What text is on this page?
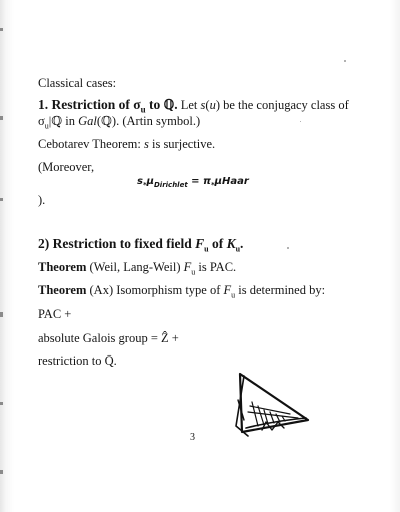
Classical cases:
1. Restriction of $\sigma_u$ to ℚ. Let s(u) be the conjugacy class of
$\sigma_u|ℚ$ in Gal(ℚ). (Artin symbol.)
Cebotarev Theorem: s is surjective.
(Moreover,
$s_*\mu_{Dirichlet}$ = $\pi_*\mu Haar$
).
2) Restriction to fixed field $F_u$ of $K_u$.
Theorem (Weil, Lang-Weil) $F_u$ is PAC.
Theorem (Ax) Isomorphism type of $F_u$ is determined by:
PAC +
absolute Galois group = Ẑ +
restriction to Q̄.
3
